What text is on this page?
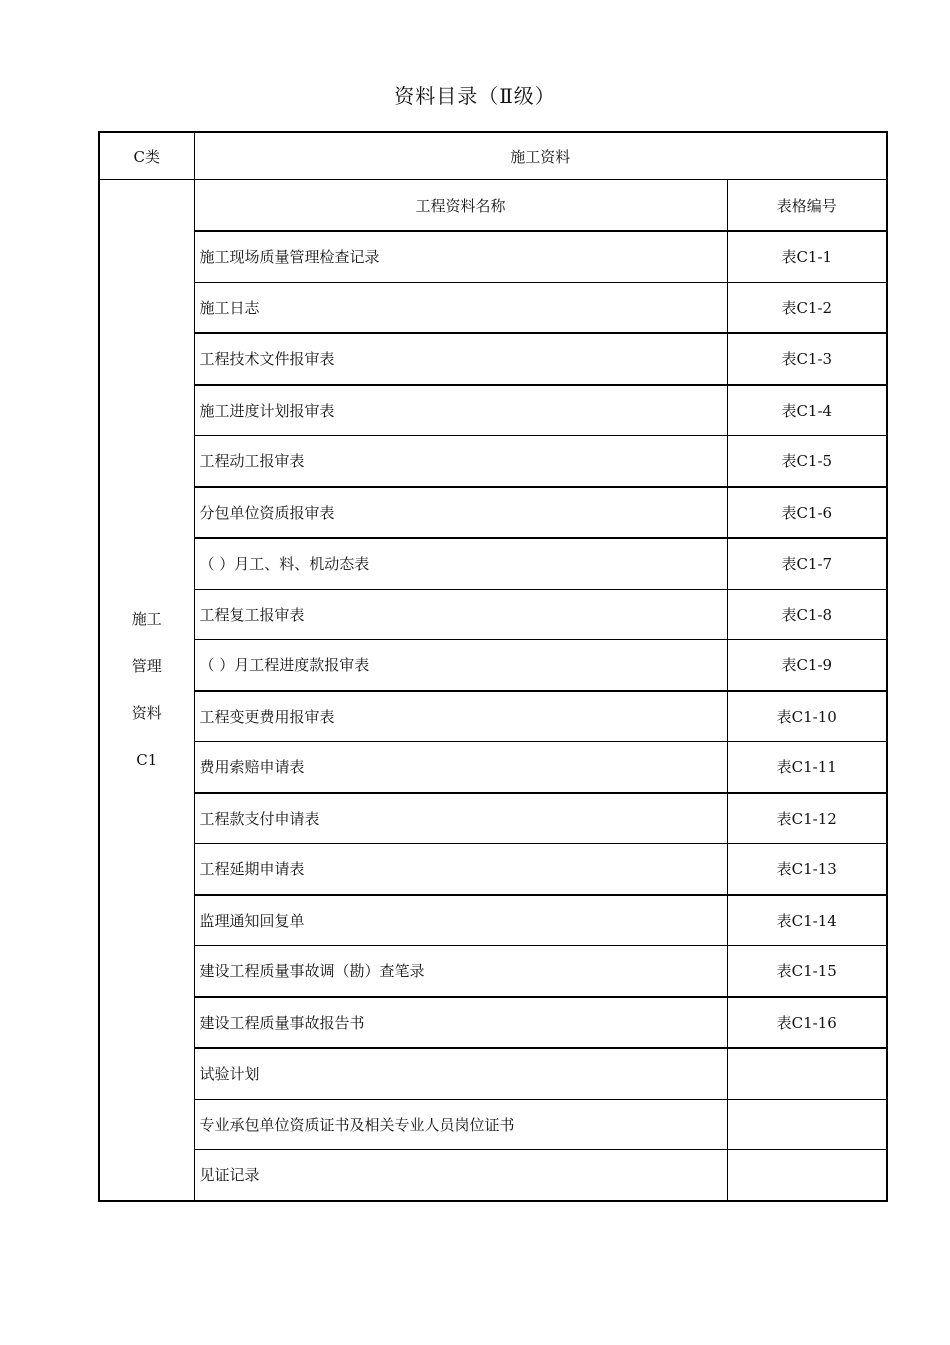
资料目录（Ⅱ级）
C类	施工资料	

施工
管理
资料
C1	工程资料名称	表格编号
	施工现场质量管理检查记录	表C1-1
	施工日志	表C1-2
	工程技术文件报审表	表C1-3
	施工进度计划报审表	表C1-4
	工程动工报审表	表C1-5
	分包单位资质报审表	表C1-6
	（ ）月工、料、机动态表	表C1-7
	工程复工报审表	表C1-8
	（ ）月工程进度款报审表	表C1-9
	工程变更费用报审表	表C1-10
	费用索赔申请表	表C1-11
	工程款支付申请表	表C1-12
	工程延期申请表	表C1-13
	监理通知回复单	表C1-14
	建设工程质量事故调（勘）查笔录	表C1-15
	建设工程质量事故报告书	表C1-16
	试验计划	
	专业承包单位资质证书及相关专业人员岗位证书	
	见证记录	
